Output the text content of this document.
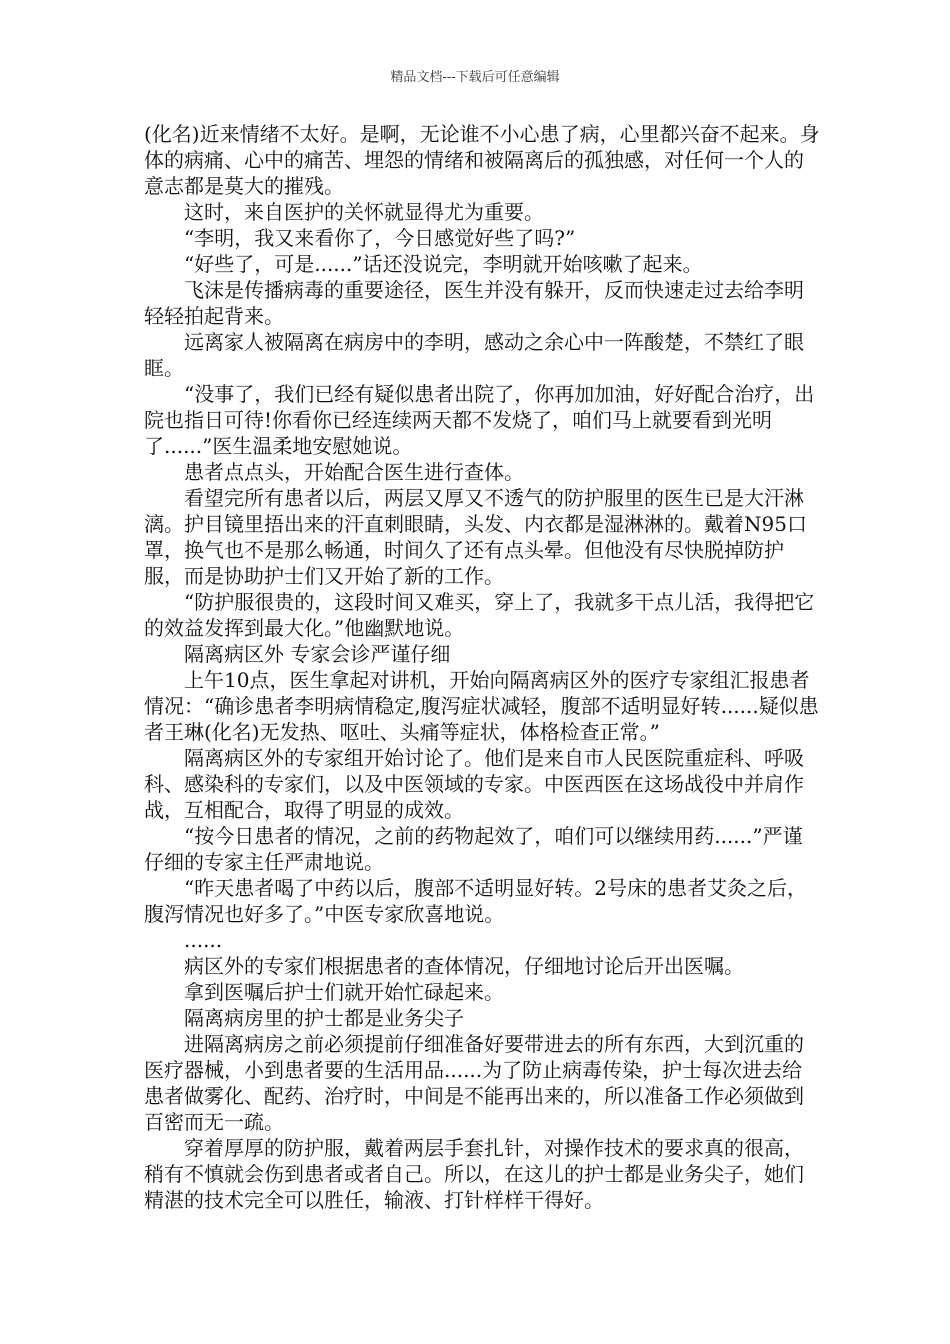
精品文档---下载后可任意编辑

(化名)近来情绪不太好。是啊，无论谁不小心患了病，心里都兴奋不起来。身体的病痛、心中的痛苦、埋怨的情绪和被隔离后的孤独感，对任何一个人的意志都是莫大的摧残。

这时，来自医护的关怀就显得尤为重要。

“李明，我又来看你了，今日感觉好些了吗?”

“好些了，可是......”话还没说完，李明就开始咳嗽了起来。

飞沫是传播病毒的重要途径，医生并没有躲开，反而快速走过去给李明轻轻拍起背来。

远离家人被隔离在病房中的李明，感动之余心中一阵酸楚，不禁红了眼眶。

“没事了，我们已经有疑似患者出院了，你再加加油，好好配合治疗，出院也指日可待!你看你已经连续两天都不发烧了，咱们马上就要看到光明了......”医生温柔地安慰她说。

患者点点头，开始配合医生进行查体。

看望完所有患者以后，两层又厚又不透气的防护服里的医生已是大汗淋漓。护目镜里捂出来的汗直刺眼睛，头发、内衣都是湿淋淋的。戴着N95口罩，换气也不是那么畅通，时间久了还有点头晕。但他没有尽快脱掉防护服，而是协助护士们又开始了新的工作。

“防护服很贵的，这段时间又难买，穿上了，我就多干点儿活，我得把它的效益发挥到最大化。”他幽默地说。

隔离病区外 专家会诊严谨仔细

上午10点，医生拿起对讲机，开始向隔离病区外的医疗专家组汇报患者情况：“确诊患者李明病情稳定,腹泻症状减轻，腹部不适明显好转......疑似患者王琳(化名)无发热、呕吐、头痛等症状，体格检查正常。”

隔离病区外的专家组开始讨论了。他们是来自市人民医院重症科、呼吸科、感染科的专家们，以及中医领域的专家。中医西医在这场战役中并肩作战，互相配合，取得了明显的成效。

“按今日患者的情况，之前的药物起效了，咱们可以继续用药......”严谨仔细的专家主任严肃地说。

“昨天患者喝了中药以后，腹部不适明显好转。2号床的患者艾灸之后，腹泻情况也好多了。”中医专家欣喜地说。

......

病区外的专家们根据患者的查体情况，仔细地讨论后开出医嘱。

拿到医嘱后护士们就开始忙碌起来。

隔离病房里的护士都是业务尖子

进隔离病房之前必须提前仔细准备好要带进去的所有东西，大到沉重的医疗器械，小到患者要的生活用品......为了防止病毒传染，护士每次进去给患者做雾化、配药、治疗时，中间是不能再出来的，所以准备工作必须做到百密而无一疏。

穿着厚厚的防护服，戴着两层手套扎针，对操作技术的要求真的很高，稍有不慎就会伤到患者或者自己。所以，在这儿的护士都是业务尖子，她们精湛的技术完全可以胜任，输液、打针样样干得好。
